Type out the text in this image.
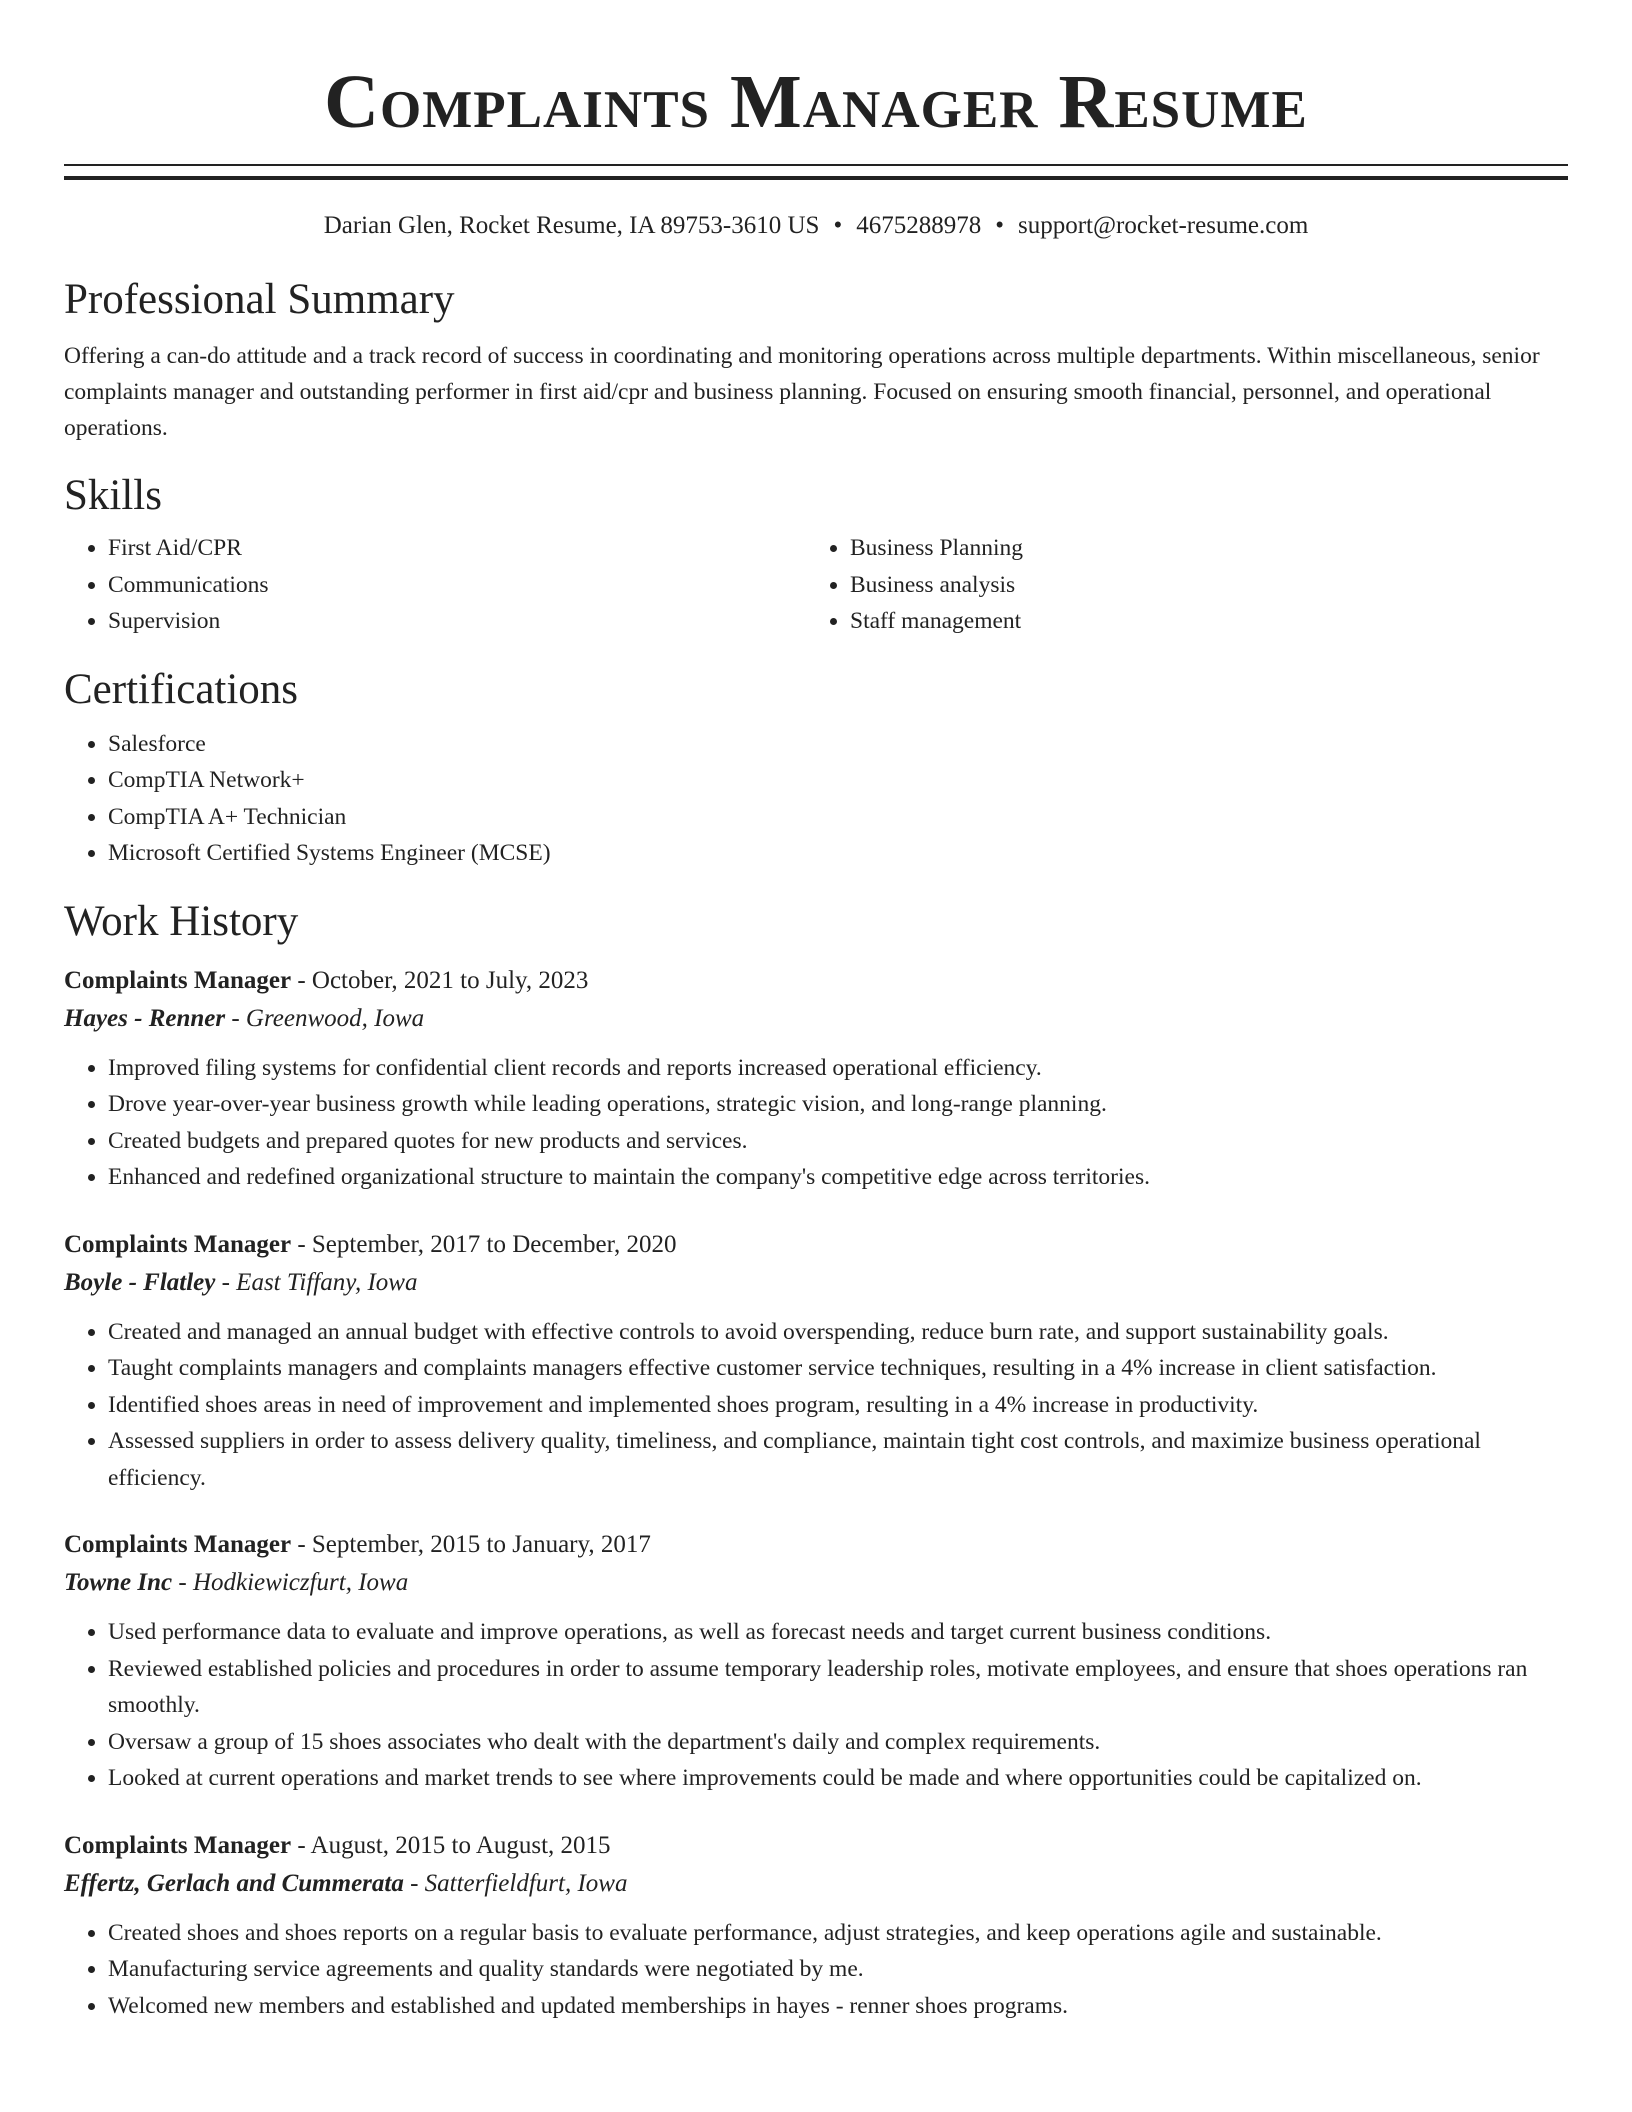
Complaints Manager Resume
Darian Glen, Rocket Resume, IA 89753-3610 US • 4675288978 • support@rocket-resume.com
Professional Summary

Offering a can-do attitude and a track record of success in coordinating and monitoring operations across multiple departments. Within miscellaneous, senior complaints manager and outstanding performer in first aid/cpr and business planning. Focused on ensuring smooth financial, personnel, and operational operations.

Skills
• First Aid/CPR
• Communications
• Supervision
• Business Planning
• Business analysis
• Staff management
Certifications
• Salesforce
• CompTIA Network+
• CompTIA A+ Technician
• Microsoft Certified Systems Engineer (MCSE)
Work History
Complaints Manager - October, 2021 to July, 2023
Hayes - Renner - Greenwood, Iowa
• Improved filing systems for confidential client records and reports increased operational efficiency.
• Drove year-over-year business growth while leading operations, strategic vision, and long-range planning.
• Created budgets and prepared quotes for new products and services.
• Enhanced and redefined organizational structure to maintain the company's competitive edge across territories.
Complaints Manager - September, 2017 to December, 2020
Boyle - Flatley - East Tiffany, Iowa
• Created and managed an annual budget with effective controls to avoid overspending, reduce burn rate, and support sustainability goals.
• Taught complaints managers and complaints managers effective customer service techniques, resulting in a 4% increase in client satisfaction.
• Identified shoes areas in need of improvement and implemented shoes program, resulting in a 4% increase in productivity.
• Assessed suppliers in order to assess delivery quality, timeliness, and compliance, maintain tight cost controls, and maximize business operational efficiency.
Complaints Manager - September, 2015 to January, 2017
Towne Inc - Hodkiewiczfurt, Iowa
• Used performance data to evaluate and improve operations, as well as forecast needs and target current business conditions.
• Reviewed established policies and procedures in order to assume temporary leadership roles, motivate employees, and ensure that shoes operations ran smoothly.
• Oversaw a group of 15 shoes associates who dealt with the department's daily and complex requirements.
• Looked at current operations and market trends to see where improvements could be made and where opportunities could be capitalized on.
Complaints Manager - August, 2015 to August, 2015
Effertz, Gerlach and Cummerata - Satterfieldfurt, Iowa
• Created shoes and shoes reports on a regular basis to evaluate performance, adjust strategies, and keep operations agile and sustainable.
• Manufacturing service agreements and quality standards were negotiated by me.
• Welcomed new members and established and updated memberships in hayes - renner shoes programs.
